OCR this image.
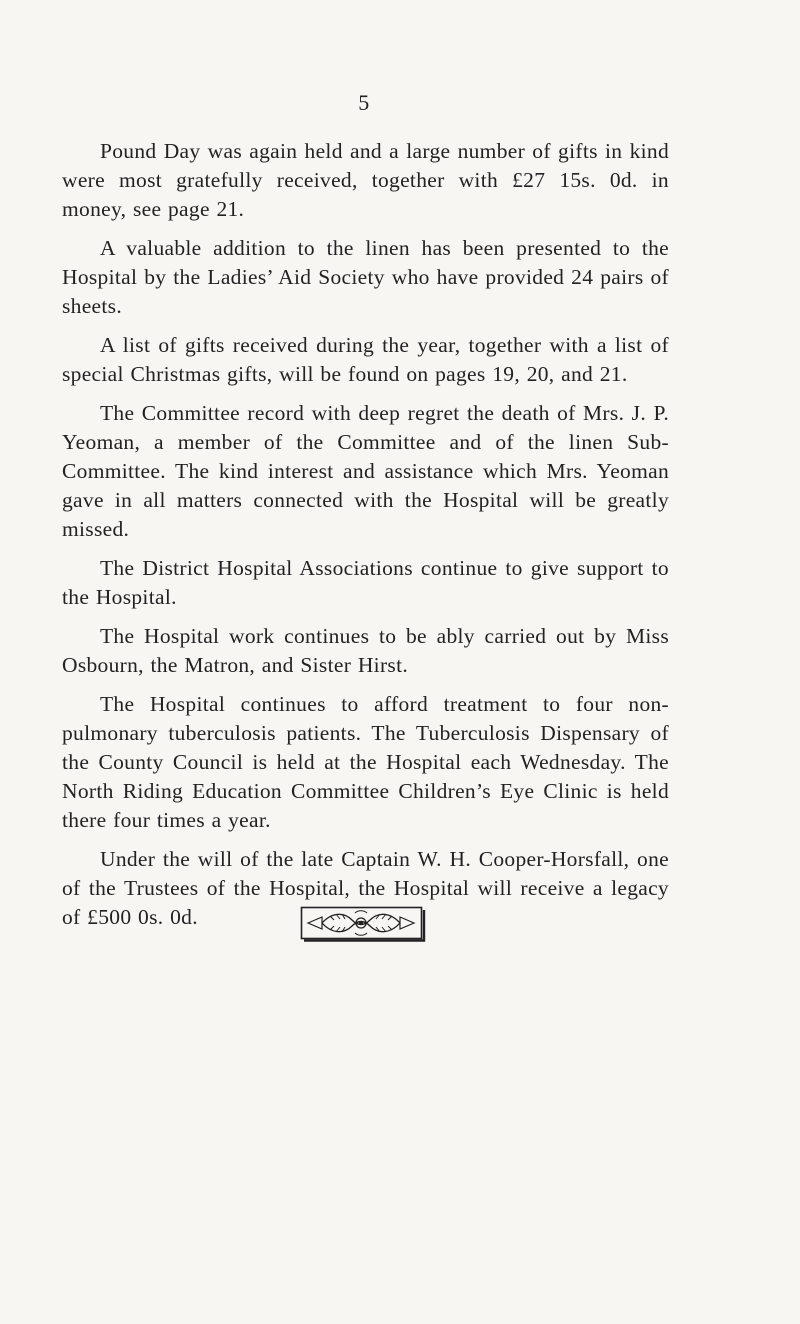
5

Pound Day was again held and a large number of gifts in kind were most gratefully received, together with £27 15s. 0d. in money, see page 21.

A valuable addition to the linen has been presented to the Hospital by the Ladies’ Aid Society who have provided 24 pairs of sheets.

A list of gifts received during the year, together with a list of special Christmas gifts, will be found on pages 19, 20, and 21.

The Committee record with deep regret the death of Mrs. J. P. Yeoman, a member of the Committee and of the linen Sub-Committee. The kind interest and assistance which Mrs. Yeoman gave in all matters connected with the Hospital will be greatly missed.

The District Hospital Associations continue to give support to the Hospital.

The Hospital work continues to be ably carried out by Miss Osbourn, the Matron, and Sister Hirst.

The Hospital continues to afford treatment to four non-pulmonary tuberculosis patients. The Tuberculosis Dispensary of the County Council is held at the Hospital each Wednesday. The North Riding Education Committee Children’s Eye Clinic is held there four times a year.

Under the will of the late Captain W. H. Cooper-Horsfall, one of the Trustees of the Hospital, the Hospital will receive a legacy of £500 0s. 0d.
